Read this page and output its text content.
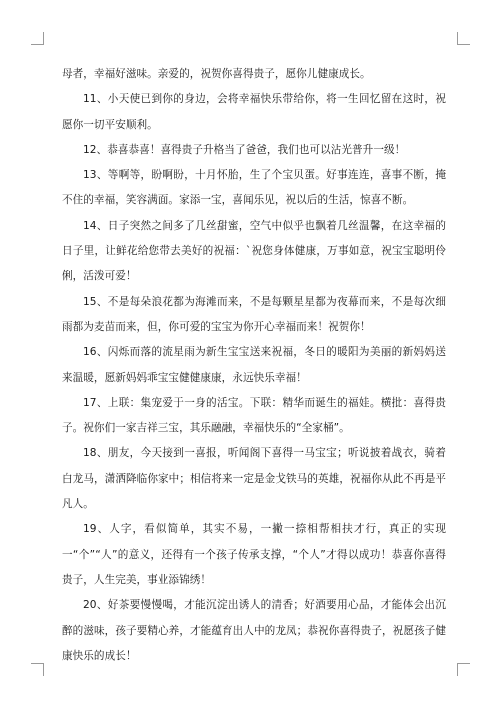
母者，幸福好滋味。亲爱的，祝贺你喜得贵子，愿你儿健康成长。

11、小天使已到你的身边，会将幸福快乐带给你，将一生回忆留在这时，祝愿你一切平安顺利。

12、恭喜恭喜！喜得贵子升格当了爸爸，我们也可以沾光普升一级！

13、等啊等，盼啊盼，十月怀胎，生了个宝贝蛋。好事连连，喜事不断，掩不住的幸福，笑容满面。家添一宝，喜闻乐见，祝以后的生活，惊喜不断。

14、日子突然之间多了几丝甜蜜，空气中似乎也飘着几丝温馨，在这幸福的日子里，让鲜花给您带去美好的祝福：`祝您身体健康，万事如意，祝宝宝聪明伶俐，活泼可爱！

15、不是每朵浪花都为海滩而来，不是每颗星星都为夜幕而来，不是每次细雨都为麦苗而来，但，你可爱的宝宝为你开心幸福而来！祝贺你！

16、闪烁而落的流星雨为新生宝宝送来祝福，冬日的暖阳为美丽的新妈妈送来温暖，愿新妈妈乖宝宝健健康康，永远快乐幸福！

17、上联：集宠爱于一身的活宝。下联：精华而诞生的福娃。横批：喜得贵子。祝你们一家吉祥三宝，其乐融融，幸福快乐的“全家桶”。

18、朋友，今天接到一喜报，听闻阁下喜得一马宝宝；听说披着战衣，骑着白龙马，潇洒降临你家中；相信将来一定是金戈铁马的英雄，祝福你从此不再是平凡人。

19、人字，看似简单，其实不易，一撇一捺相帮相扶才行，真正的实现一“个”“人”的意义，还得有一个孩子传承支撑，“个人”才得以成功！恭喜你喜得贵子，人生完美，事业添锦绣！

20、好茶要慢慢喝，才能沉淀出诱人的清香；好酒要用心品，才能体会出沉醉的滋味，孩子要精心养，才能蕴育出人中的龙凤；恭祝你喜得贵子，祝愿孩子健康快乐的成长！
